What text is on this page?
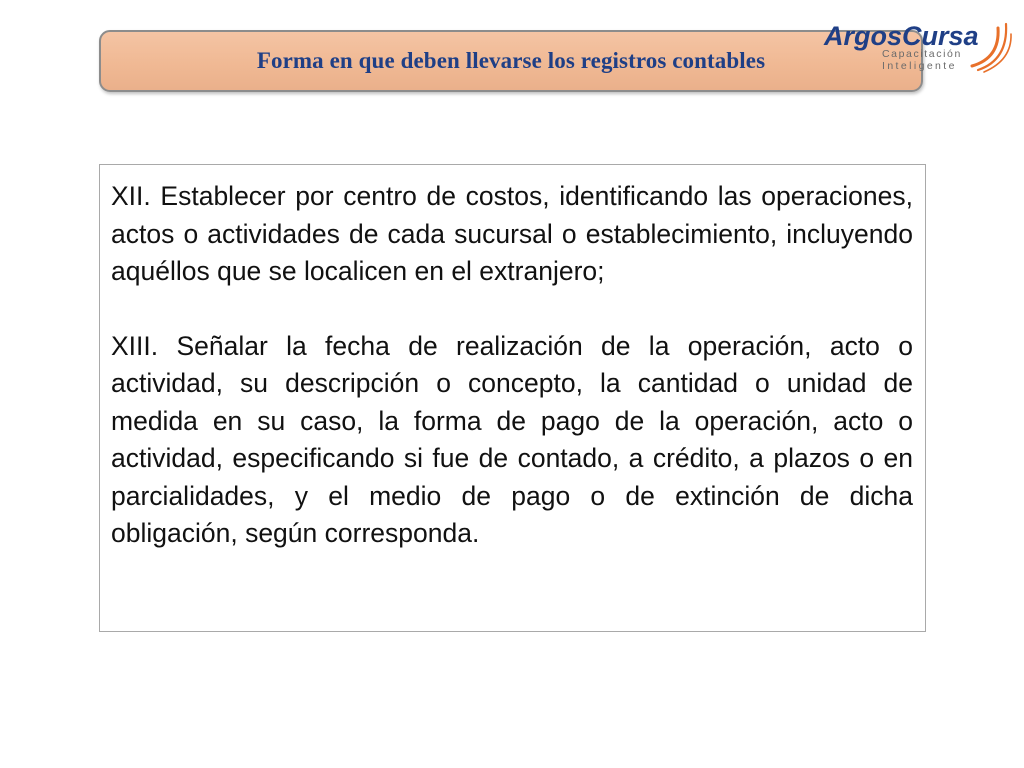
Forma en que deben llevarse los registros contables
ArgosCursa
Capacitación
Inteligente

XII. Establecer por centro de costos, identificando las operaciones, actos o actividades de cada sucursal o establecimiento, incluyendo aquéllos que se localicen en el extranjero;

XIII. Señalar la fecha de realización de la operación, acto o actividad, su descripción o concepto, la cantidad o unidad de medida en su caso, la forma de pago de la operación, acto o actividad, especificando si fue de contado, a crédito, a plazos o en parcialidades, y el medio de pago o de extinción de dicha obligación, según corresponda.
